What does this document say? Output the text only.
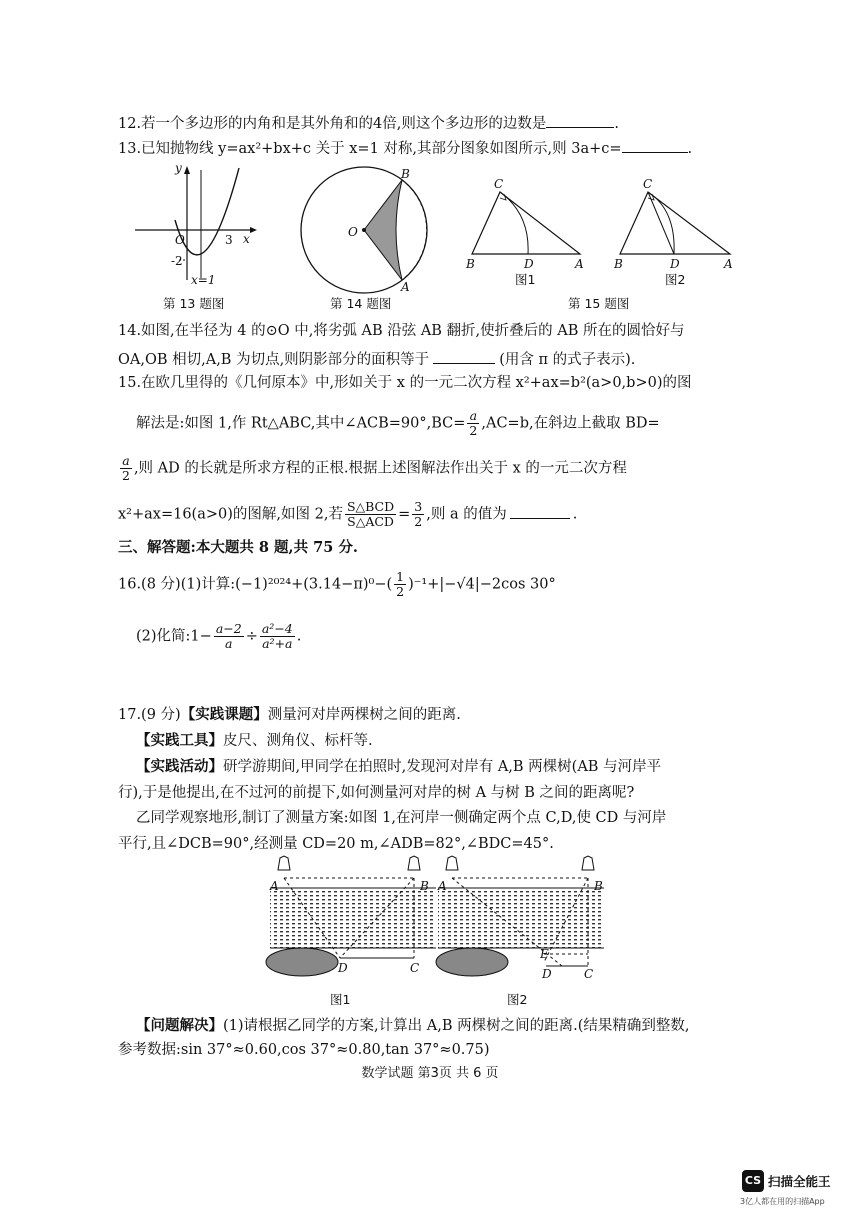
12.若一个多边形的内角和是其外角和的4倍,则这个多边形的边数是	.
13.已知抛物线 y=ax²+bx+c 关于 x=1 对称,其部分图象如图所示,则 3a+c=	.
y
x
O	3
-2
x=1
第 13 题图
O
B
A
第 14 题图
C
B	D	A
C
B	D	A
图1	图2
第 15 题图
14.如图,在半径为 4 的⊙O 中,将劣弧 AB 沿弦 AB 翻折,使折叠后的 AB 所在的圆恰好与
OA,OB 相切,A,B 为切点,则阴影部分的面积等于	(用含 π 的式子表示).
15.在欧几里得的《几何原本》中,形如关于 x 的一元二次方程 x²+ax=b²(a>0,b>0)的图
解法是:如图 1,作 Rt△ABC,其中∠ACB=90°,BC= $\frac{a}{2} ,AC=b$,在斜边上截取 BD=
$\frac{a}{2}$ ,则 AD 的长就是所求方程的正根.根据上述图解法作出关于 x 的一元二次方程
x²+ax=16(a>0)的图解,如图 2,若 $\frac{\text{S△BCD}}{\text{S△ACD}} = \frac{3}{2}$ ,则 a 的值为	.
三、解答题:本大题共 8 题,共 75 分.
16.(8 分)(1)计算:(−1)²⁰²⁴+(3.14−π)⁰−( $\frac{1}{2} )^{-1}+|-√4|-2\cos$ 30°
(2)化简:1− $\frac{a-2}{a} \div \frac{\text{a²−4}}{\text{a²+a}}$ .
17.(9 分)【实践课题】测量河对岸两棵树之间的距离.
【实践工具】皮尺、测角仪、标杆等.
【实践活动】研学游期间,甲同学在拍照时,发现河对岸有 A,B 两棵树(AB 与河岸平
行),于是他提出,在不过河的前提下,如何测量河对岸的树 A 与树 B 之间的距离呢?
乙同学观察地形,制订了测量方案:如图 1,在河岸一侧确定两个点 C,D,使 CD 与河岸
平行,且∠DCB=90°,经测量 CD=20 m,∠ADB=82°,∠BDC=45°.
A	B
D	C
A	B
E
D	C
图1	图2
【问题解决】(1)请根据乙同学的方案,计算出 A,B 两棵树之间的距离.(结果精确到整数,
参考数据:sin 37°≈0.60,cos 37°≈0.80,tan 37°≈0.75)
数学试题 第3页 共 6 页
CS 扫描全能王
3亿人都在用的扫描App
